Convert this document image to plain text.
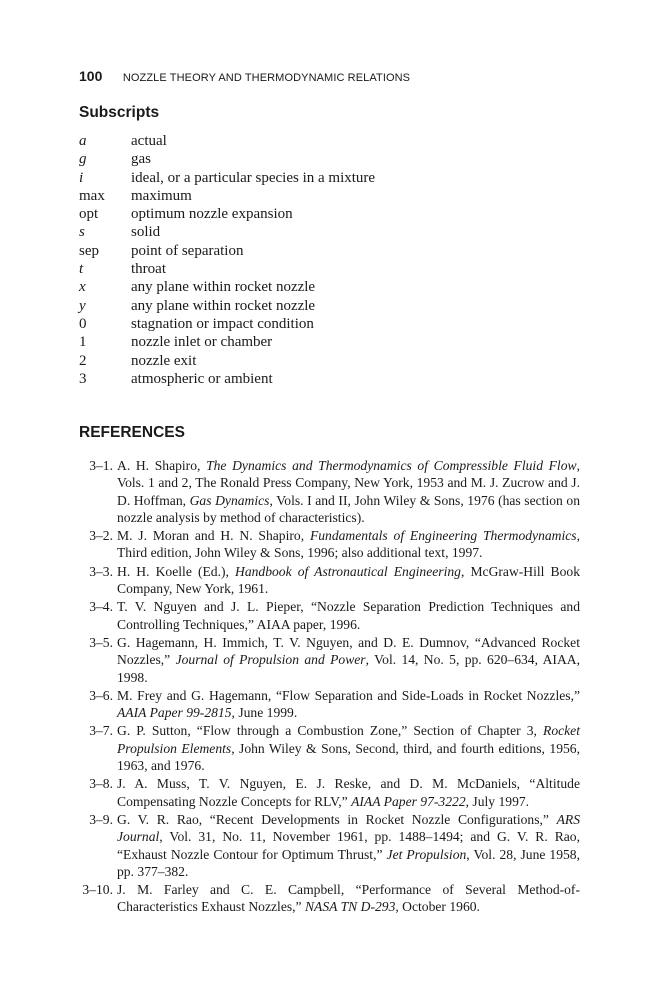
100 NOZZLE THEORY AND THERMODYNAMIC RELATIONS
Subscripts
a	actual
g	gas
i	ideal, or a particular species in a mixture
max	maximum
opt	optimum nozzle expansion
s	solid
sep	point of separation
t	throat
x	any plane within rocket nozzle
y	any plane within rocket nozzle
0	stagnation or impact condition
1	nozzle inlet or chamber
2	nozzle exit
3	atmospheric or ambient
REFERENCES
3–1. A. H. Shapiro, The Dynamics and Thermodynamics of Compressible Fluid Flow, Vols. 1 and 2, The Ronald Press Company, New York, 1953 and M. J. Zucrow and J. D. Hoffman, Gas Dynamics, Vols. I and II, John Wiley & Sons, 1976 (has section on nozzle analysis by method of characteristics).
3–2. M. J. Moran and H. N. Shapiro, Fundamentals of Engineering Thermodynamics, Third edition, John Wiley & Sons, 1996; also additional text, 1997.
3–3. H. H. Koelle (Ed.), Handbook of Astronautical Engineering, McGraw-Hill Book Company, New York, 1961.
3–4. T. V. Nguyen and J. L. Pieper, “Nozzle Separation Prediction Techniques and Controlling Techniques,” AIAA paper, 1996.
3–5. G. Hagemann, H. Immich, T. V. Nguyen, and D. E. Dumnov, “Advanced Rocket Nozzles,” Journal of Propulsion and Power, Vol. 14, No. 5, pp. 620–634, AIAA, 1998.
3–6. M. Frey and G. Hagemann, “Flow Separation and Side-Loads in Rocket Nozzles,” AAIA Paper 99-2815, June 1999.
3–7. G. P. Sutton, “Flow through a Combustion Zone,” Section of Chapter 3, Rocket Propulsion Elements, John Wiley & Sons, Second, third, and fourth editions, 1956, 1963, and 1976.
3–8. J. A. Muss, T. V. Nguyen, E. J. Reske, and D. M. McDaniels, “Altitude Compensating Nozzle Concepts for RLV,” AIAA Paper 97-3222, July 1997.
3–9. G. V. R. Rao, “Recent Developments in Rocket Nozzle Configurations,” ARS Journal, Vol. 31, No. 11, November 1961, pp. 1488–1494; and G. V. R. Rao, “Exhaust Nozzle Contour for Optimum Thrust,” Jet Propulsion, Vol. 28, June 1958, pp. 377–382.
3–10. J. M. Farley and C. E. Campbell, “Performance of Several Method-of-Characteristics Exhaust Nozzles,” NASA TN D-293, October 1960.
